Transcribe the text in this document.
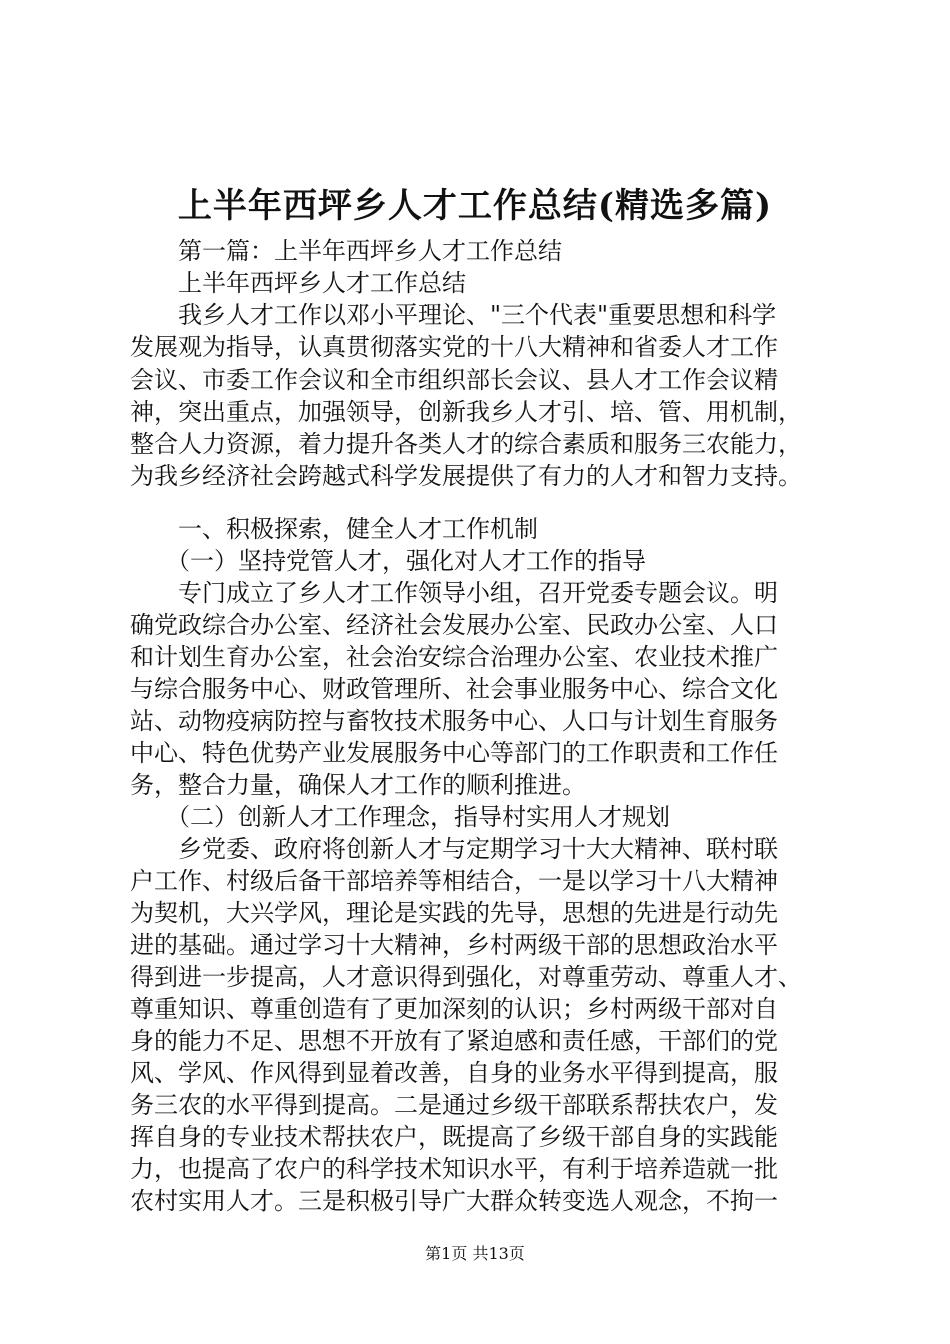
上半年西坪乡人才工作总结(精选多篇)

　　第一篇：上半年西坪乡人才工作总结

　　上半年西坪乡人才工作总结

　　我乡人才工作以邓小平理论、"三个代表"重要思想和科学

发展观为指导，认真贯彻落实党的十八大精神和省委人才工作

会议、市委工作会议和全市组织部长会议、县人才工作会议精

神，突出重点，加强领导，创新我乡人才引、培、管、用机制，

整合人力资源，着力提升各类人才的综合素质和服务三农能力，

为我乡经济社会跨越式科学发展提供了有力的人才和智力支持。

　　一、积极探索，健全人才工作机制

　　（一）坚持党管人才，强化对人才工作的指导

　　专门成立了乡人才工作领导小组，召开党委专题会议。明

确党政综合办公室、经济社会发展办公室、民政办公室、人口

和计划生育办公室，社会治安综合治理办公室、农业技术推广

与综合服务中心、财政管理所、社会事业服务中心、综合文化

站、动物疫病防控与畜牧技术服务中心、人口与计划生育服务

中心、特色优势产业发展服务中心等部门的工作职责和工作任

务，整合力量，确保人才工作的顺利推进。

　　（二）创新人才工作理念，指导村实用人才规划

　　乡党委、政府将创新人才与定期学习十大大精神、联村联

户工作、村级后备干部培养等相结合，一是以学习十八大精神

为契机，大兴学风，理论是实践的先导，思想的先进是行动先

进的基础。通过学习十大精神，乡村两级干部的思想政治水平

得到进一步提高，人才意识得到强化，对尊重劳动、尊重人才、

尊重知识、尊重创造有了更加深刻的认识；乡村两级干部对自

身的能力不足、思想不开放有了紧迫感和责任感，干部们的党

风、学风、作风得到显着改善，自身的业务水平得到提高，服

务三农的水平得到提高。二是通过乡级干部联系帮扶农户，发

挥自身的专业技术帮扶农户，既提高了乡级干部自身的实践能

力，也提高了农户的科学技术知识水平，有利于培养造就一批

农村实用人才。三是积极引导广大群众转变选人观念，不拘一

第1页 共13页
